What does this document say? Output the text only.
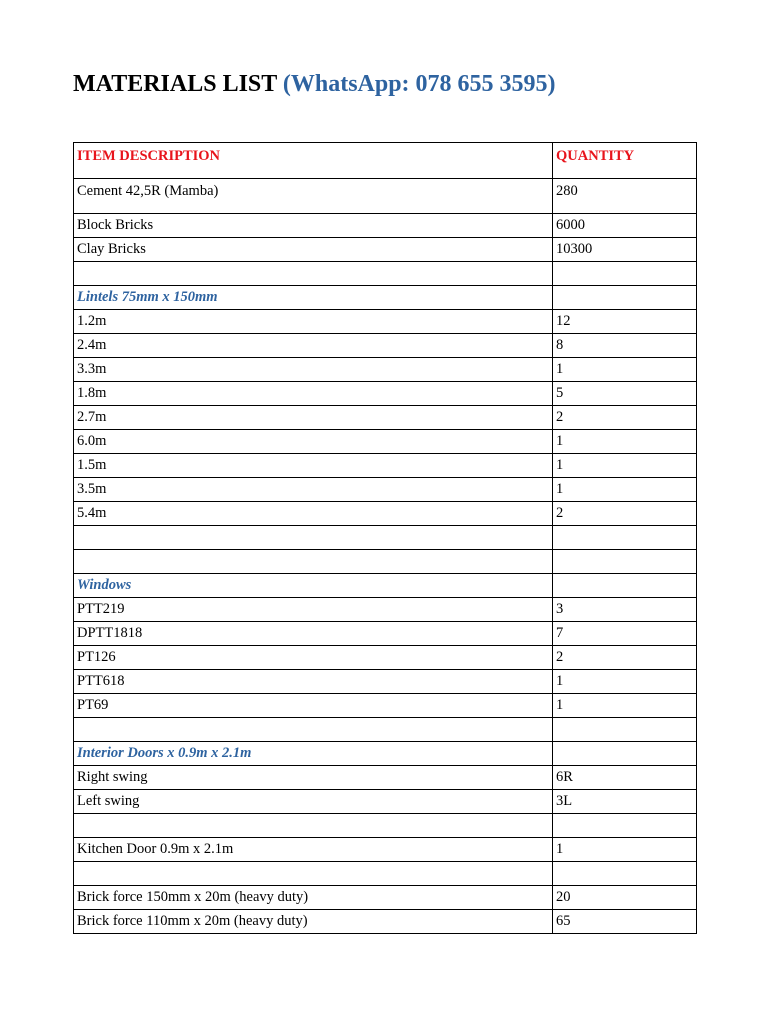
MATERIALS LIST (WhatsApp: 078 655 3595)
ITEM DESCRIPTION	QUANTITY
Cement 42,5R (Mamba)	280
Block Bricks	6000
Clay Bricks	10300

Lintels 75mm x 150mm	
1.2m	12
2.4m	8
3.3m	1
1.8m	5
2.7m	2
6.0m	1
1.5m	1
3.5m	1
5.4m	2

Windows	
PTT219	3
DPTT1818	7
PT126	2
PTT618	1
PT69	1

Interior Doors x 0.9m x 2.1m	
Right swing	6R
Left swing	3L

Kitchen Door 0.9m x 2.1m	1

Brick force 150mm x 20m (heavy duty)	20
Brick force 110mm x 20m (heavy duty)	65
